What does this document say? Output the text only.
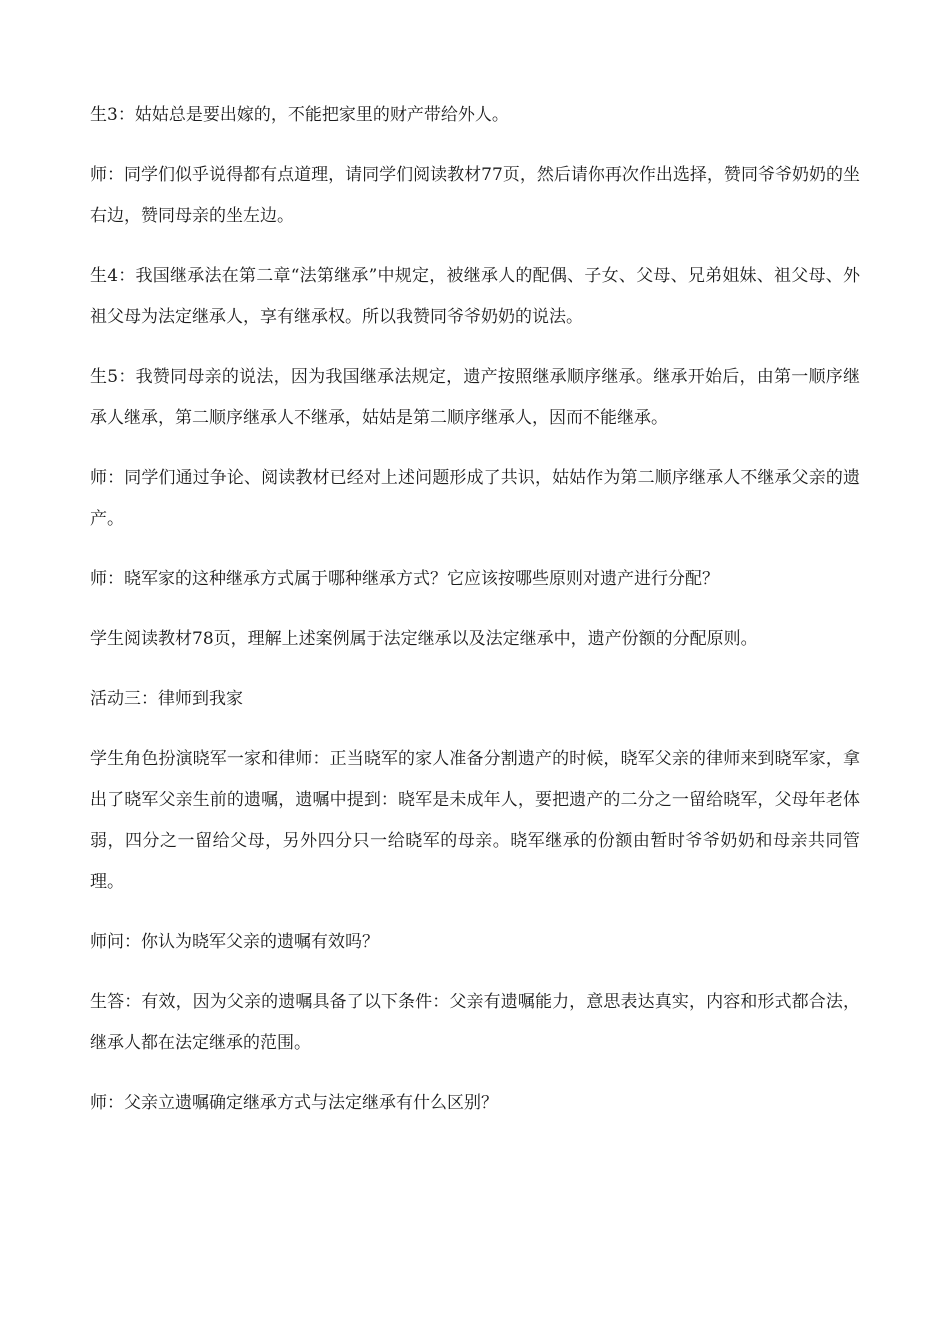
生3：姑姑总是要出嫁的，不能把家里的财产带给外人。

师：同学们似乎说得都有点道理，请同学们阅读教材77页，然后请你再次作出选择，赞同爷爷奶奶的坐右边，赞同母亲的坐左边。

生4：我国继承法在第二章“法第继承”中规定，被继承人的配偶、子女、父母、兄弟姐妹、祖父母、外祖父母为法定继承人，享有继承权。所以我赞同爷爷奶奶的说法。

生5：我赞同母亲的说法，因为我国继承法规定，遗产按照继承顺序继承。继承开始后，由第一顺序继承人继承，第二顺序继承人不继承，姑姑是第二顺序继承人，因而不能继承。

师：同学们通过争论、阅读教材已经对上述问题形成了共识，姑姑作为第二顺序继承人不继承父亲的遗产。

师：晓军家的这种继承方式属于哪种继承方式？它应该按哪些原则对遗产进行分配？

学生阅读教材78页，理解上述案例属于法定继承以及法定继承中，遗产份额的分配原则。

活动三：律师到我家

学生角色扮演晓军一家和律师：正当晓军的家人准备分割遗产的时候，晓军父亲的律师来到晓军家，拿出了晓军父亲生前的遗嘱，遗嘱中提到：晓军是未成年人，要把遗产的二分之一留给晓军，父母年老体弱，四分之一留给父母，另外四分只一给晓军的母亲。晓军继承的份额由暂时爷爷奶奶和母亲共同管理。

师问：你认为晓军父亲的遗嘱有效吗？

生答：有效，因为父亲的遗嘱具备了以下条件：父亲有遗嘱能力，意思表达真实，内容和形式都合法，继承人都在法定继承的范围。

师：父亲立遗嘱确定继承方式与法定继承有什么区别？
